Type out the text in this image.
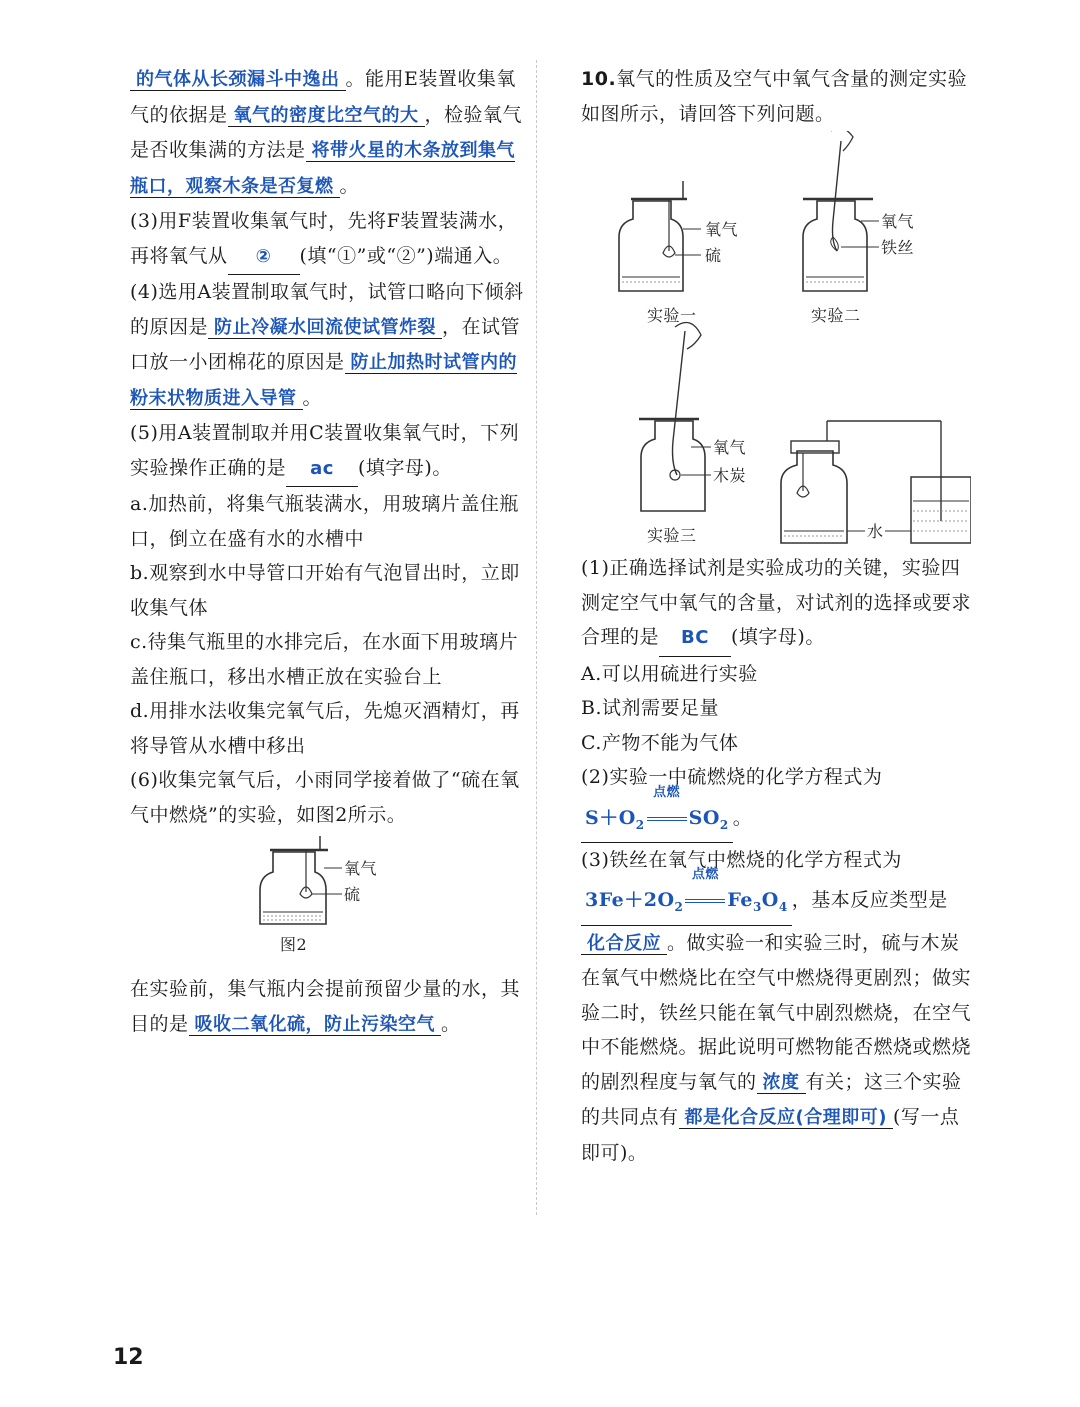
的气体从长颈漏斗中逸出 。能用E装置收集氧气的依据是 氧气的密度比空气的大 ，检验氧气是否收集满的方法是 将带火星的木条放到集气瓶口，观察木条是否复燃 。

(3)用F装置收集氧气时，先将F装置装满水，再将氧气从 ② (填“①”或“②”)端通入。

(4)选用A装置制取氧气时，试管口略向下倾斜的原因是 防止冷凝水回流使试管炸裂 ，在试管口放一小团棉花的原因是 防止加热时试管内的粉末状物质进入导管 。

(5)用A装置制取并用C装置收集氧气时，下列实验操作正确的是 ac (填字母)。

a.加热前，将集气瓶装满水，用玻璃片盖住瓶口，倒立在盛有水的水槽中

b.观察到水中导管口开始有气泡冒出时，立即收集气体

c.待集气瓶里的水排完后，在水面下用玻璃片盖住瓶口，移出水槽正放在实验台上

d.用排水法收集完氧气后，先熄灭酒精灯，再将导管从水槽中移出

(6)收集完氧气后，小雨同学接着做了“硫在氧气中燃烧”的实验，如图2所示。

氧气
硫
图2

在实验前，集气瓶内会提前预留少量的水，其目的是 吸收二氧化硫，防止污染空气 。

10.氧气的性质及空气中氧气含量的测定实验如图所示，请回答下列问题。

氧气
硫
实验一
氧气
铁丝
实验二
氧气
木炭
实验三	水

(1)正确选择试剂是实验成功的关键，实验四测定空气中氧气的含量，对试剂的选择或要求合理的是 BC (填字母)。

A.可以用硫进行实验

B.试剂需要足量

C.产物不能为气体

(2)实验一中硫燃烧的化学方程式为

$S+O_2$
点燃
$SO_2$ 。

(3)铁丝在氧气中燃烧的化学方程式为

$3Fe+2O_2$
点燃
$Fe_3O_4$ ，基本反应类型是化合反应 。做实验一和实验三时，硫与木炭在氧气中燃烧比在空气中燃烧得更剧烈；做实验二时，铁丝只能在氧气中剧烈燃烧，在空气中不能燃烧。据此说明可燃物能否燃烧或燃烧的剧烈程度与氧气的 浓度 有关；这三个实验的共同点有 都是化合反应(合理即可) (写一点即可)。

12
